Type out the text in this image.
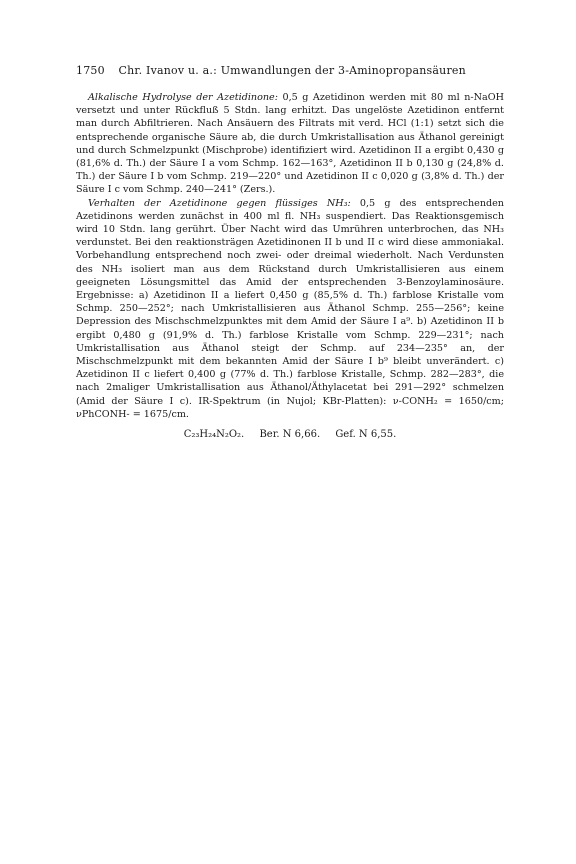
1750 Chr. Ivanov u. a.: Umwandlungen der 3-Aminopropansäuren

Alkalische Hydrolyse der Azetidinone: 0,5 g Azetidinon werden mit 80 ml n-NaOH versetzt und unter Rückfluß 5 Stdn. lang erhitzt. Das ungelöste Azetidinon entfernt man durch Abfiltrieren. Nach Ansäuern des Filtrats mit verd. HCl (1:1) setzt sich die entsprechende organische Säure ab, die durch Umkristallisation aus Äthanol gereinigt und durch Schmelzpunkt (Mischprobe) identifiziert wird. Azetidinon II a ergibt 0,430 g (81,6% d. Th.) der Säure I a vom Schmp. 162—163°, Azetidinon II b 0,130 g (24,8% d. Th.) der Säure I b vom Schmp. 219—220° und Azetidinon II c 0,020 g (3,8% d. Th.) der Säure I c vom Schmp. 240—241° (Zers.).

Verhalten der Azetidinone gegen flüssiges NH₃: 0,5 g des entsprechenden Azetidinons werden zunächst in 400 ml fl. NH₃ suspendiert. Das Reaktionsgemisch wird 10 Stdn. lang gerührt. Über Nacht wird das Umrühren unterbrochen, das NH₃ verdunstet. Bei den reaktionsträgen Azetidinonen II b und II c wird diese ammoniakal. Vorbehandlung entsprechend noch zwei- oder dreimal wiederholt. Nach Verdunsten des NH₃ isoliert man aus dem Rückstand durch Umkristallisieren aus einem geeigneten Lösungsmittel das Amid der entsprechenden 3-Benzoylaminosäure. Ergebnisse: a) Azetidinon II a liefert 0,450 g (85,5% d. Th.) farblose Kristalle vom Schmp. 250—252°; nach Umkristallisieren aus Äthanol Schmp. 255—256°; keine Depression des Mischschmelzpunktes mit dem Amid der Säure I a⁹. b) Azetidinon II b ergibt 0,480 g (91,9% d. Th.) farblose Kristalle vom Schmp. 229—231°; nach Umkristallisation aus Äthanol steigt der Schmp. auf 234—235° an, der Mischschmelzpunkt mit dem bekannten Amid der Säure I b⁹ bleibt unverändert. c) Azetidinon II c liefert 0,400 g (77% d. Th.) farblose Kristalle, Schmp. 282—283°, die nach 2maliger Umkristallisation aus Äthanol/Äthylacetat bei 291—292° schmelzen (Amid der Säure I c). IR-Spektrum (in Nujol; KBr-Platten): ν-CONH₂ = 1650/cm; νPhCONH- = 1675/cm.

C₂₃H₂₄N₂O₂. Ber. N 6,66. Gef. N 6,55.
